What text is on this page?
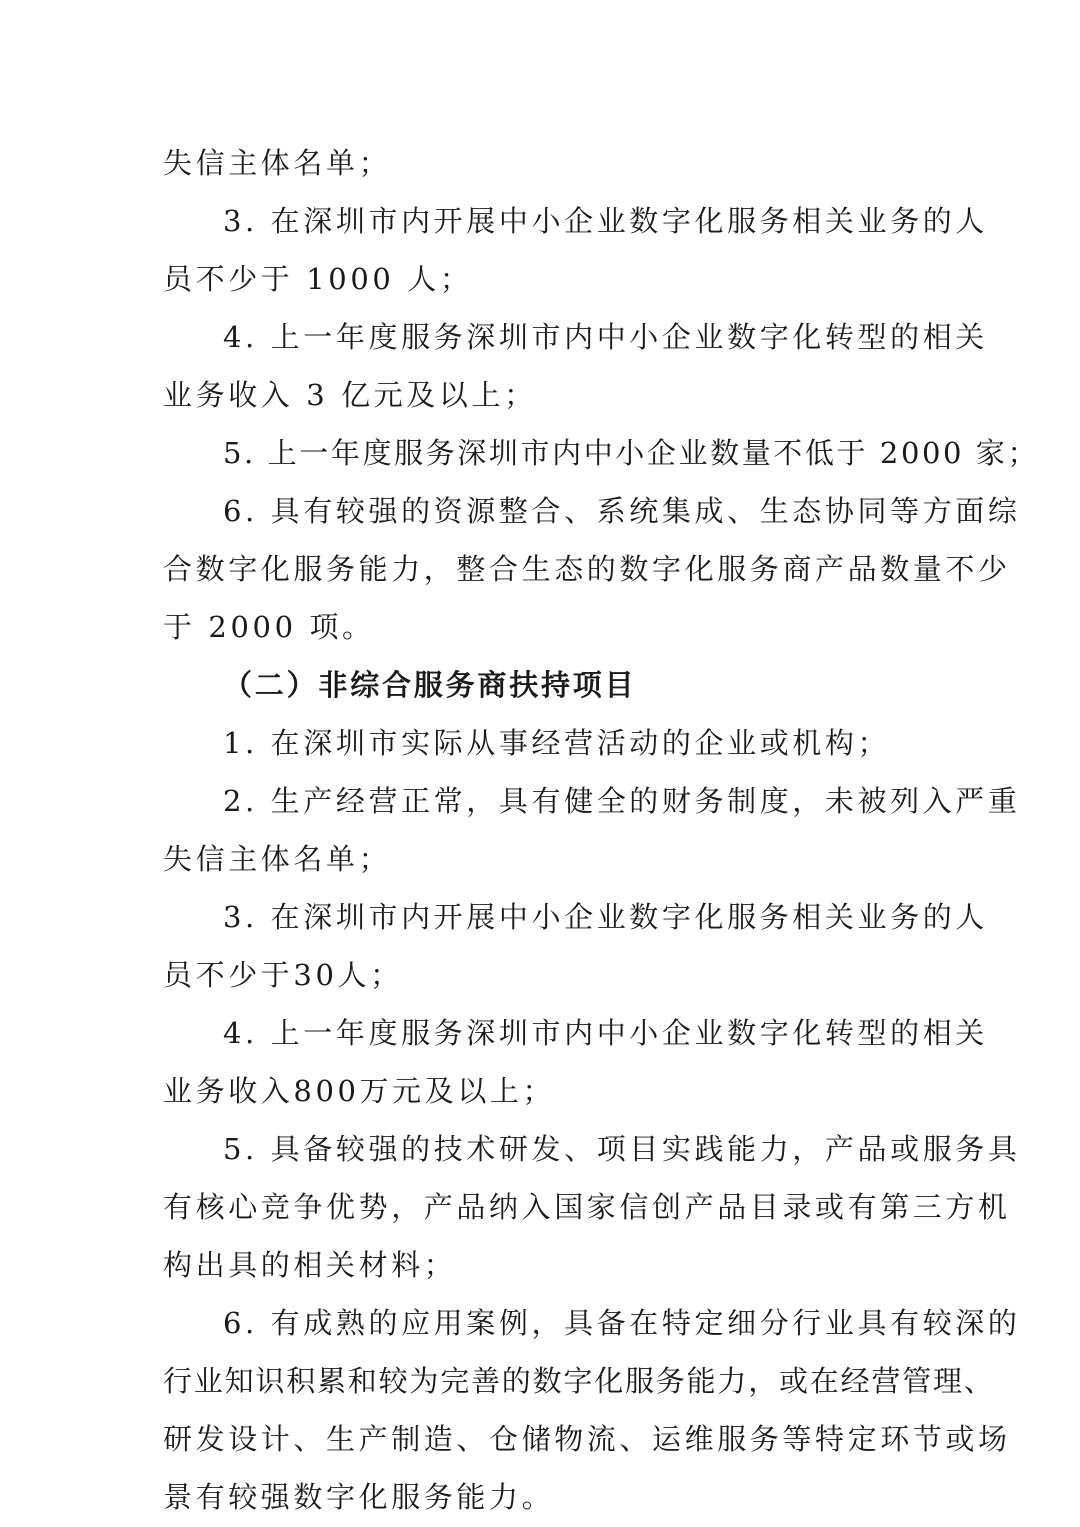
失信主体名单；
3. 在深圳市内开展中小企业数字化服务相关业务的人
员不少于 1000 人；
4. 上一年度服务深圳市内中小企业数字化转型的相关
业务收入 3 亿元及以上；
5. 上一年度服务深圳市内中小企业数量不低于 2000 家；
6. 具有较强的资源整合、系统集成、生态协同等方面综
合数字化服务能力，整合生态的数字化服务商产品数量不少
于 2000 项。
（二）非综合服务商扶持项目
1. 在深圳市实际从事经营活动的企业或机构；
2. 生产经营正常，具有健全的财务制度，未被列入严重
失信主体名单；
3. 在深圳市内开展中小企业数字化服务相关业务的人
员不少于30人；
4. 上一年度服务深圳市内中小企业数字化转型的相关
业务收入800万元及以上；
5. 具备较强的技术研发、项目实践能力，产品或服务具
有核心竞争优势，产品纳入国家信创产品目录或有第三方机
构出具的相关材料；
6. 有成熟的应用案例，具备在特定细分行业具有较深的
行业知识积累和较为完善的数字化服务能力，或在经营管理、
研发设计、生产制造、仓储物流、运维服务等特定环节或场
景有较强数字化服务能力。
